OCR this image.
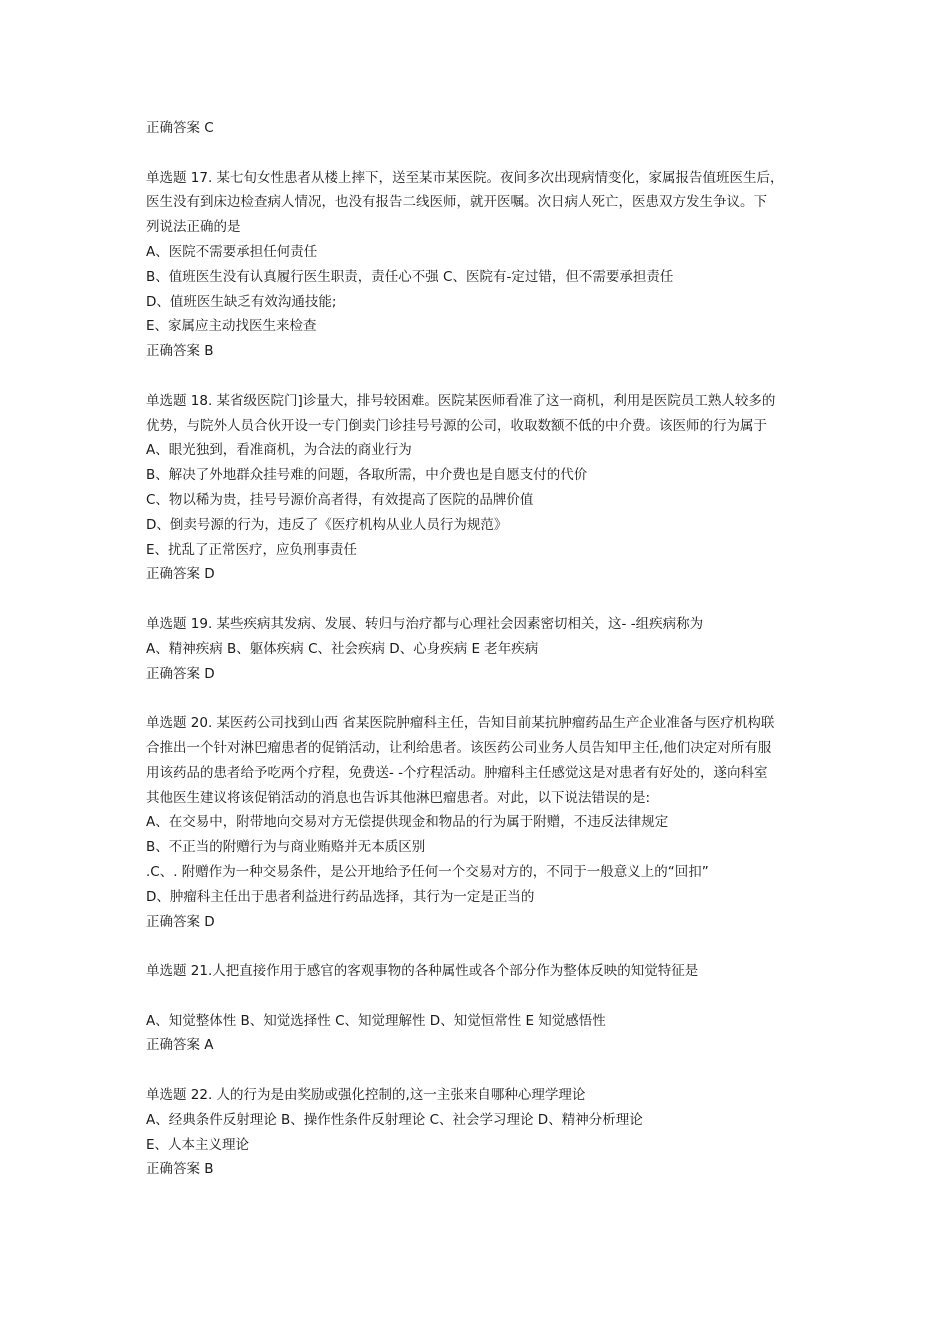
正确答案 C
单选题 17. 某七旬女性患者从楼上摔下，送至某市某医院。夜间多次出现病情变化，家属报告值班医生后，
医生没有到床边检查病人情况，也没有报告二线医师，就开医嘱。次日病人死亡，医患双方发生争议。下
列说法正确的是
A、医院不需要承担任何责任
B、值班医生没有认真履行医生职责，责任心不强 C、医院有-定过错，但不需要承担责任
D、值班医生缺乏有效沟通技能;
E、家属应主动找医生来检查
正确答案 B
单选题 18. 某省级医院门]诊量大，排号较困难。医院某医师看准了这一商机，利用是医院员工熟人较多的
优势，与院外人员合伙开设一专门倒卖门诊挂号号源的公司，收取数额不低的中介费。该医师的行为属于
A、眼光独到，看准商机，为合法的商业行为
B、解决了外地群众挂号难的问题，各取所需，中介费也是自愿支付的代价
C、物以稀为贵，挂号号源价高者得，有效提高了医院的品牌价值
D、倒卖号源的行为，违反了《医疗机构从业人员行为规范》
E、扰乱了正常医疗，应负刑事责任
正确答案 D
单选题 19. 某些疾病其发病、发展、转归与治疗都与心理社会因素密切相关，这- -组疾病称为
A、精神疾病 B、躯体疾病 C、社会疾病 D、心身疾病 E 老年疾病
正确答案 D
单选题 20. 某医药公司找到山西 省某医院肿瘤科主任，告知目前某抗肿瘤药品生产企业准备与医疗机构联
合推出一个针对淋巴瘤患者的促销活动，让利给患者。该医药公司业务人员告知甲主任,他们决定对所有服
用该药品的患者给予吃两个疗程，免费送- -个疗程活动。肿瘤科主任感觉这是对患者有好处的，遂向科室
其他医生建议将该促销活动的消息也告诉其他淋巴瘤患者。对此，以下说法错误的是:
A、在交易中，附带地向交易对方无偿提供现金和物品的行为属于附赠，不违反法律规定
B、不正当的附赠行为与商业贿赂并无本质区别
.C、. 附赠作为一种交易条件，是公开地给予任何一个交易对方的，不同于一般意义上的“回扣”
D、肿瘤科主任出于患者利益进行药品选择，其行为一定是正当的
正确答案 D
单选题 21.人把直接作用于感官的客观事物的各种属性或各个部分作为整体反映的知觉特征是
A、知觉整体性 B、知觉选择性 C、知觉理解性 D、知觉恒常性 E 知觉感悟性
正确答案 A
单选题 22. 人的行为是由奖励或强化控制的,这一主张来自哪种心理学理论
A、经典条件反射理论 B、操作性条件反射理论 C、社会学习理论 D、精神分析理论
E、人本主义理论
正确答案 B
